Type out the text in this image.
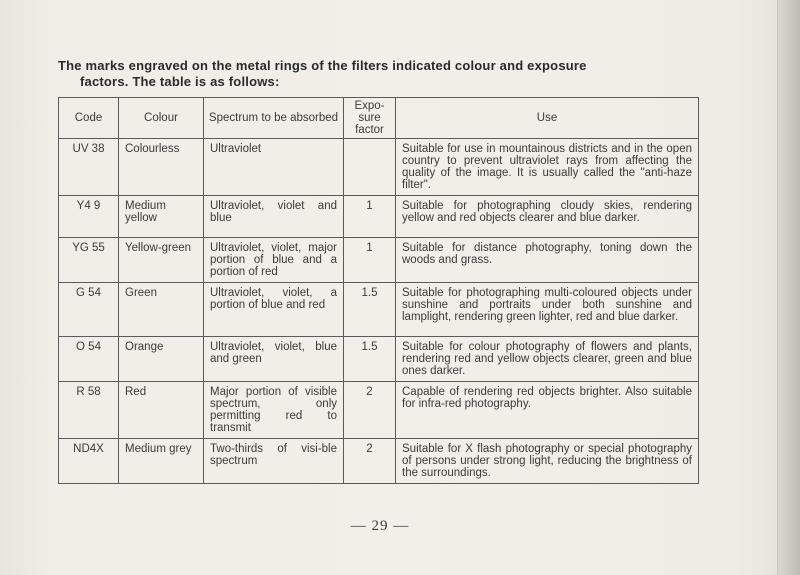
The marks engraved on the metal rings of the filters indicated colour and exposure
factors. The table is as follows:
Code	Colour	Spectrum to be absorbed	Expo- sure factor	Use
UV 38	Colourless	Ultraviolet		Suitable for use in mountainous districts and in the open country to prevent ultraviolet rays from affecting the quality of the image. It is usually called the "anti-haze filter".
Y4 9	Medium yellow	Ultraviolet, violet and blue	1	Suitable for photographing cloudy skies, rendering yellow and red objects clearer and blue darker.
YG 55	Yellow-green	Ultraviolet, violet, major portion of blue and a portion of red	1	Suitable for distance photography, toning down the woods and grass.
G 54	Green	Ultraviolet, violet, a portion of blue and red	1.5	Suitable for photographing multi-coloured objects under sunshine and portraits under both sunshine and lamplight, rendering green lighter, red and blue darker.
O 54	Orange	Ultraviolet, violet, blue and green	1.5	Suitable for colour photography of flowers and plants, rendering red and yellow objects clearer, green and blue ones darker.
R 58	Red	Major portion of visible spectrum, only permitting red to transmit	2	Capable of rendering red objects brighter. Also suitable for infra-red photography.
ND4X	Medium grey	Two-thirds of visi-ble spectrum	2	Suitable for X flash photography or special photography of persons under strong light, reducing the brightness of the surroundings.
— 29 —
